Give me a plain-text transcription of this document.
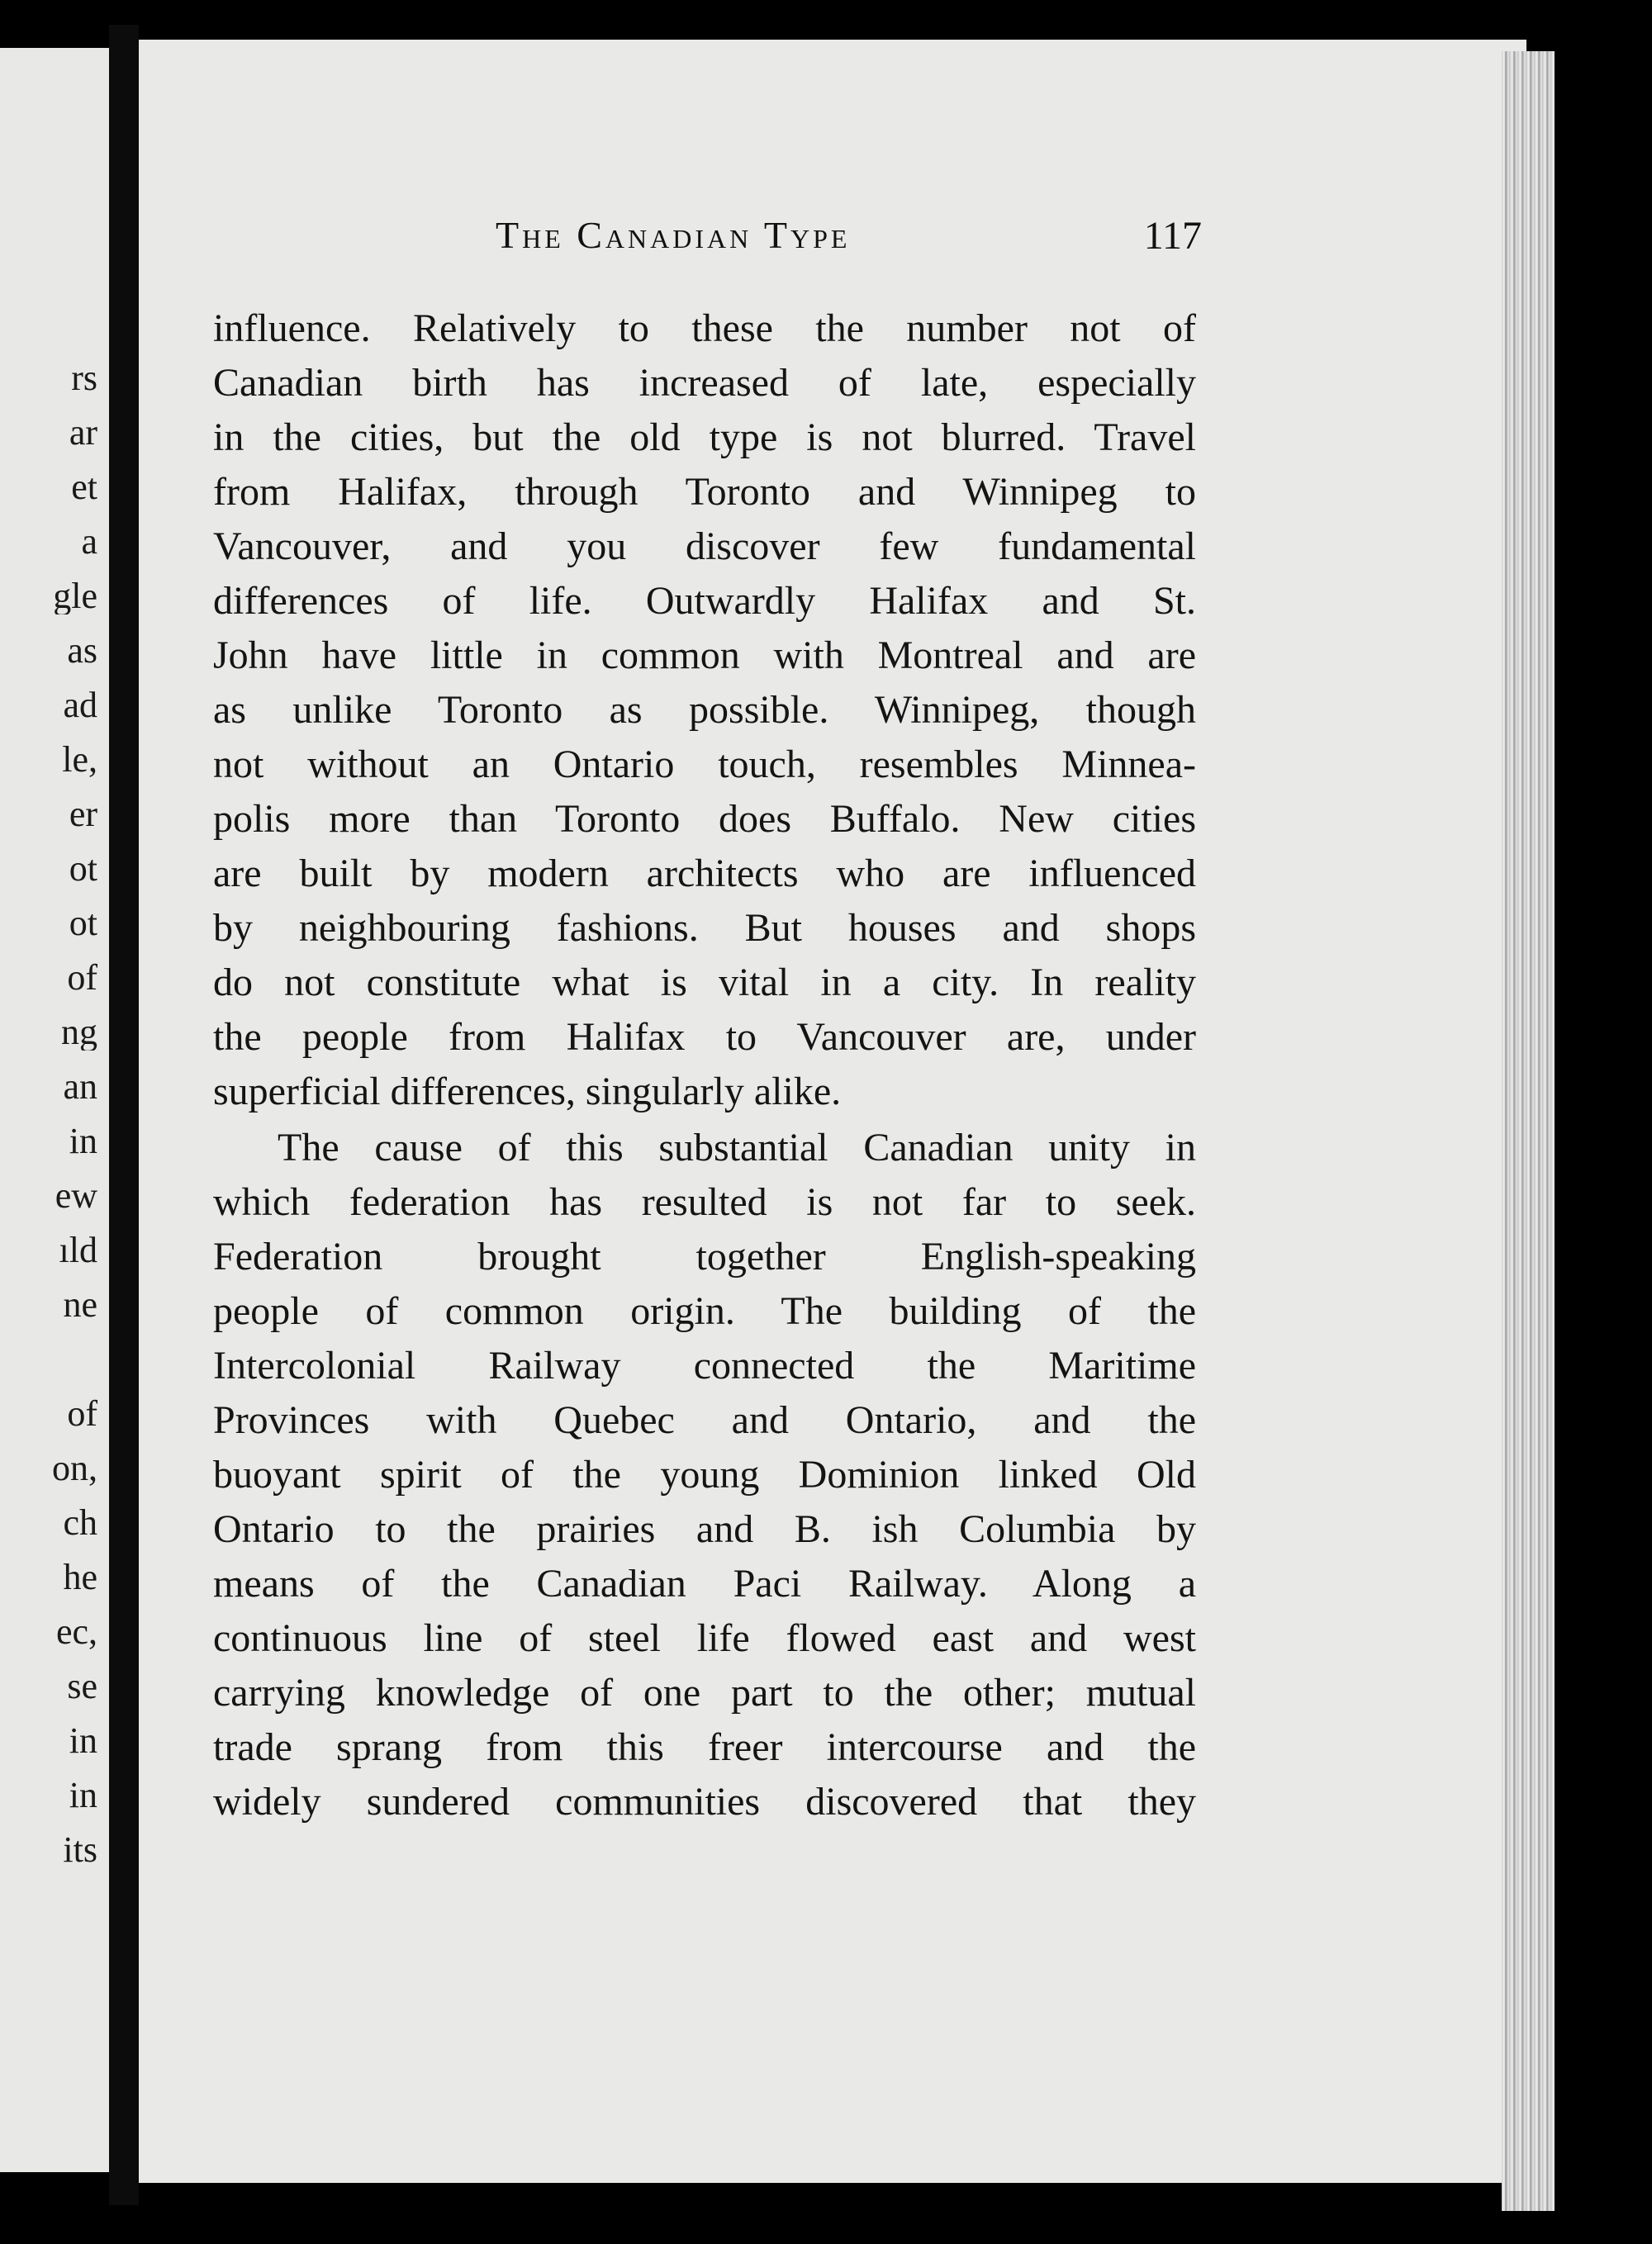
rs
ar
et
a
gle
as
ad
le,
er
ot
ot
of
ng
an
in
ew
ıld
ne
of
on,
ch
he
ec,
se
in
in
its
The Canadian Type	117
influence. Relatively to these the number not of
Canadian birth has increased of late, especially
in the cities, but the old type is not blurred. Travel
from Halifax, through Toronto and Winnipeg to
Vancouver, and you discover few fundamental
differences of life. Outwardly Halifax and St.
John have little in common with Montreal and are
as unlike Toronto as possible. Winnipeg, though
not without an Ontario touch, resembles Minnea-
polis more than Toronto does Buffalo. New cities
are built by modern architects who are influenced
by neighbouring fashions. But houses and shops
do not constitute what is vital in a city. In reality
the people from Halifax to Vancouver are, under
superficial differences, singularly alike.
The cause of this substantial Canadian unity in
which federation has resulted is not far to seek.
Federation brought together English-speaking
people of common origin. The building of the
Intercolonial Railway connected the Maritime
Provinces with Quebec and Ontario, and the
buoyant spirit of the young Dominion linked Old
Ontario to the prairies and B. ish Columbia by
means of the Canadian Paci Railway. Along a
continuous line of steel life flowed east and west
carrying knowledge of one part to the other; mutual
trade sprang from this freer intercourse and the
widely sundered communities discovered that they
